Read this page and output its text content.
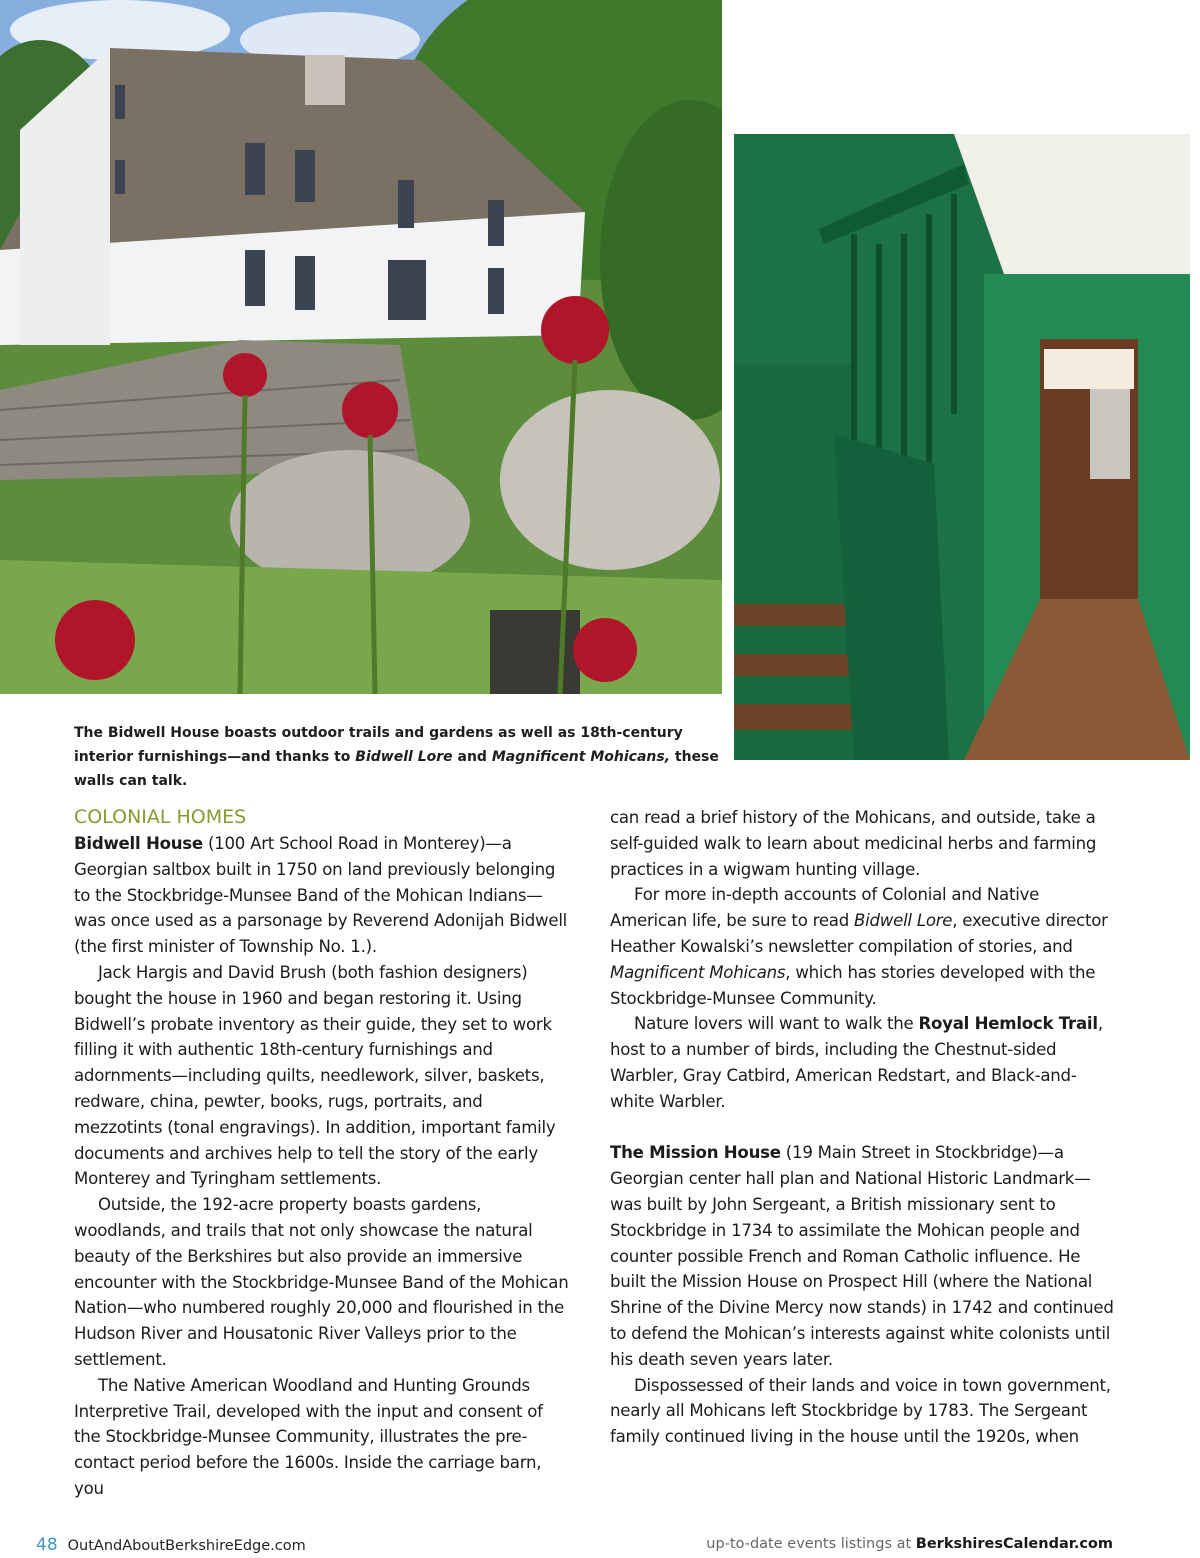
The Bidwell House boasts outdoor trails and gardens as well as 18th-century interior furnishings—and thanks to Bidwell Lore and Magnificent Mohicans, these walls can talk.
COLONIAL HOMES

Bidwell House (100 Art School Road in Monterey)—a Georgian saltbox built in 1750 on land previously belonging to the Stockbridge-Munsee Band of the Mohican Indians—was once used as a parsonage by Reverend Adonijah Bidwell (the first minister of Township No. 1.).

Jack Hargis and David Brush (both fashion designers) bought the house in 1960 and began restoring it. Using Bidwell’s probate inventory as their guide, they set to work filling it with authentic 18th-century furnishings and adornments—including quilts, needlework, silver, baskets, redware, china, pewter, books, rugs, portraits, and mezzotints (tonal engravings). In addition, important family documents and archives help to tell the story of the early Monterey and Tyringham settlements.

Outside, the 192-acre property boasts gardens, woodlands, and trails that not only showcase the natural beauty of the Berkshires but also provide an immersive encounter with the Stockbridge-Munsee Band of the Mohican Nation—who numbered roughly 20,000 and flourished in the Hudson River and Housatonic River Valleys prior to the settlement.

The Native American Woodland and Hunting Grounds Interpretive Trail, developed with the input and consent of the Stockbridge-Munsee Community, illustrates the pre-contact period before the 1600s. Inside the carriage barn, you

can read a brief history of the Mohicans, and outside, take a self-guided walk to learn about medicinal herbs and farming practices in a wigwam hunting village.

For more in-depth accounts of Colonial and Native American life, be sure to read Bidwell Lore, executive director Heather Kowalski’s newsletter compilation of stories, and Magnificent Mohicans, which has stories developed with the Stockbridge-Munsee Community.

Nature lovers will want to walk the Royal Hemlock Trail, host to a number of birds, including the Chestnut-sided Warbler, Gray Catbird, American Redstart, and Black-and-white Warbler.

The Mission House (19 Main Street in Stockbridge)—a Georgian center hall plan and National Historic Landmark—was built by John Sergeant, a British missionary sent to Stockbridge in 1734 to assimilate the Mohican people and counter possible French and Roman Catholic influence. He built the Mission House on Prospect Hill (where the National Shrine of the Divine Mercy now stands) in 1742 and continued to defend the Mohican’s interests against white colonists until his death seven years later.

Dispossessed of their lands and voice in town government, nearly all Mohicans left Stockbridge by 1783. The Sergeant family continued living in the house until the 1920s, when

48 OutAndAboutBerkshireEdge.com	up-to-date events listings at BerkshiresCalendar.com
